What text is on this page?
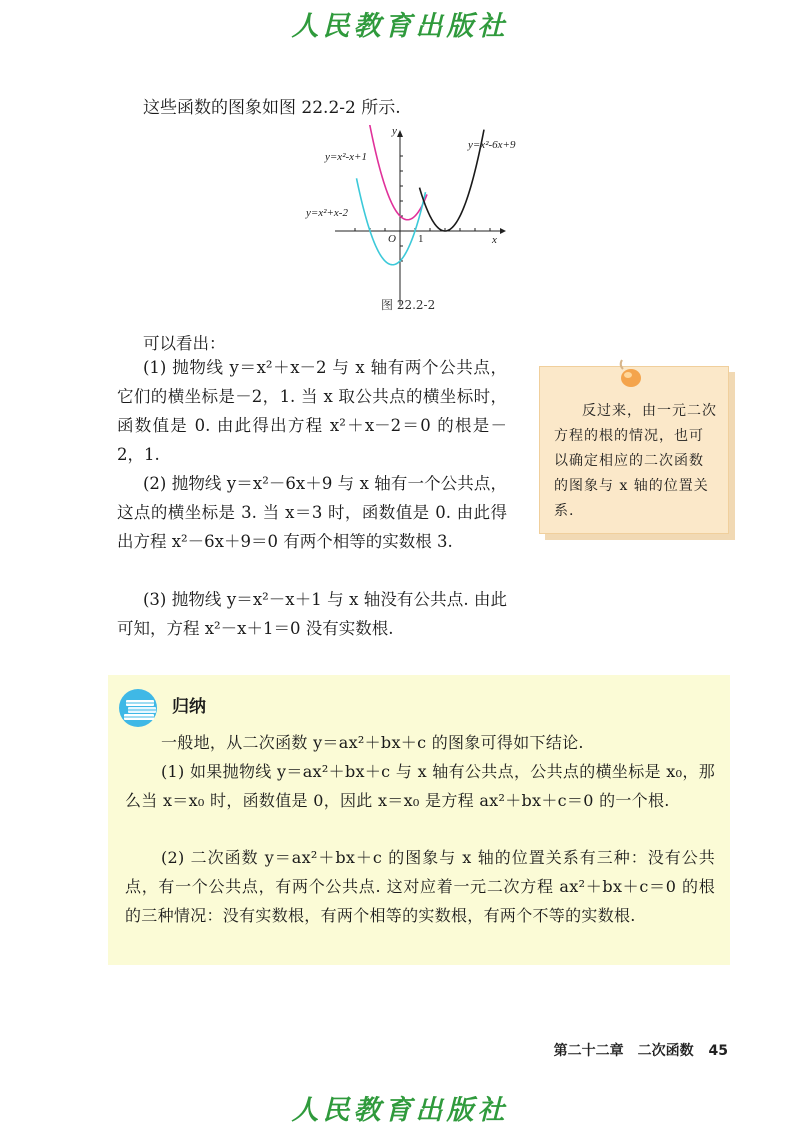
人民教育出版社
这些函数的图象如图 22.2-2 所示.
y=x²-x+1
y=x²+x-2
y=x²-6x+9
y
x
O 1
图 22.2-2
可以看出：
(1) 抛物线 y＝x²＋x－2 与 x 轴有两个公共点，它们的横坐标是－2，1. 当 x 取公共点的横坐标时，函数值是 0. 由此得出方程 x²＋x－2＝0 的根是－2，1.
(2) 抛物线 y＝x²－6x＋9 与 x 轴有一个公共点，这点的横坐标是 3. 当 x＝3 时，函数值是 0. 由此得出方程 x²－6x＋9＝0 有两个相等的实数根 3.
(3) 抛物线 y＝x²－x＋1 与 x 轴没有公共点. 由此可知，方程 x²－x＋1＝0 没有实数根.
反过来，由一元二次方程的根的情况，也可以确定相应的二次函数的图象与 x 轴的位置关系.
归纳
一般地，从二次函数 y＝ax²＋bx＋c 的图象可得如下结论.
(1) 如果抛物线 y＝ax²＋bx＋c 与 x 轴有公共点，公共点的横坐标是 x₀，那么当 x＝x₀ 时，函数值是 0，因此 x＝x₀ 是方程 ax²＋bx＋c＝0 的一个根.
(2) 二次函数 y＝ax²＋bx＋c 的图象与 x 轴的位置关系有三种：没有公共点，有一个公共点，有两个公共点. 这对应着一元二次方程 ax²＋bx＋c＝0 的根的三种情况：没有实数根，有两个相等的实数根，有两个不等的实数根.
第二十二章　二次函数 45
人民教育出版社
